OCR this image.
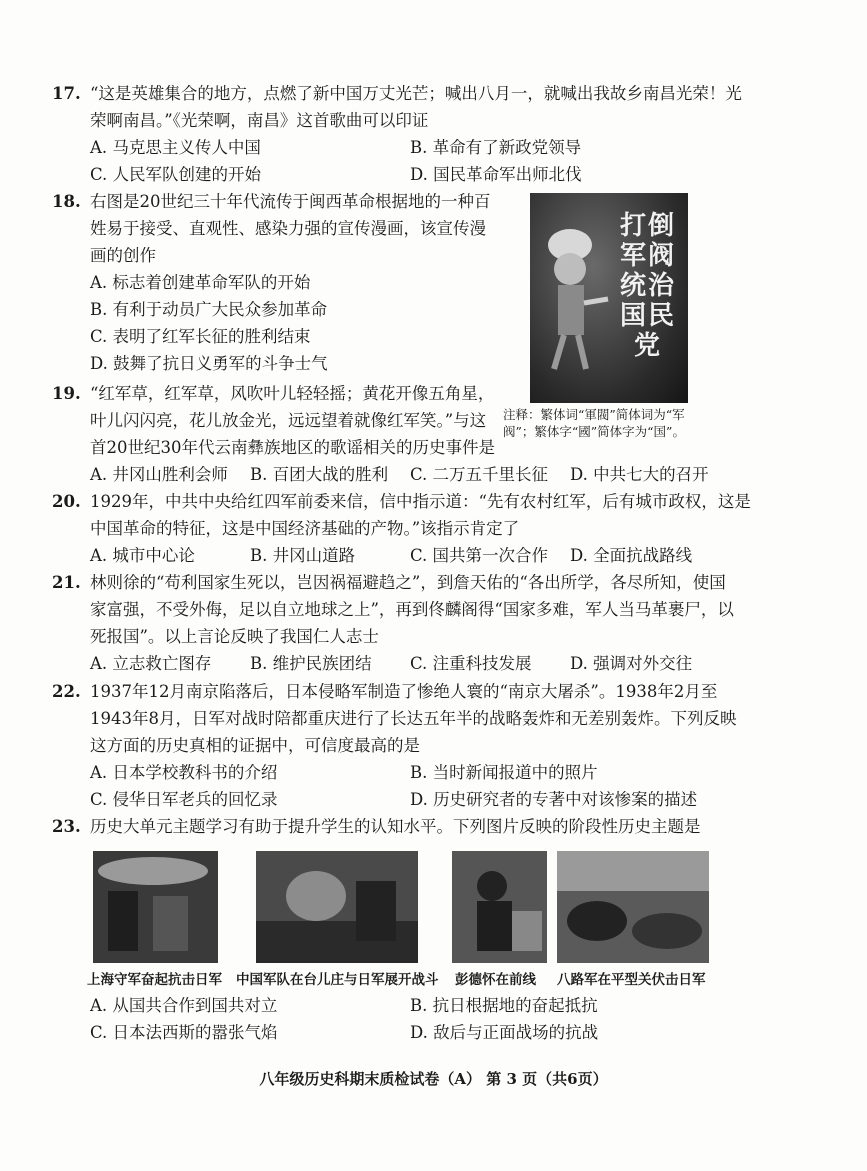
17. “这是英雄集合的地方，点燃了新中国万丈光芒；喊出八月一，就喊出我故乡南昌光荣！光
荣啊南昌。”《光荣啊，南昌》这首歌曲可以印证
A. 马克思主义传人中国	B. 革命有了新政党领导
C. 人民军队创建的开始	D. 国民革命军出师北伐
18. 右图是20世纪三十年代流传于闽西革命根据地的一种百
姓易于接受、直观性、感染力强的宣传漫画，该宣传漫
画的创作
A. 标志着创建革命军队的开始
B. 有利于动员广大民众参加革命
C. 表明了红军长征的胜利结束
D. 鼓舞了抗日义勇军的斗争士气
打倒军阀统治国民党
注释：繁体词“軍閥”简体词为“军
阀”；繁体字“國”简体字为“国”。
19. “红军草，红军草，风吹叶儿轻轻摇；黄花开像五角星，
叶儿闪闪亮，花儿放金光，远远望着就像红军笑。”与这
首20世纪30年代云南彝族地区的歌谣相关的历史事件是
A. 井冈山胜利会师 B. 百团大战的胜利 C. 二万五千里长征 D. 中共七大的召开
20. 1929年，中共中央给红四军前委来信，信中指示道：“先有农村红军，后有城市政权，这是
中国革命的特征，这是中国经济基础的产物。”该指示肯定了
A. 城市中心论	B. 井冈山道路	C. 国共第一次合作 D. 全面抗战路线
21. 林则徐的“苟利国家生死以，岂因祸福避趋之”，到詹天佑的“各出所学，各尽所知，使国
家富强，不受外侮，足以自立地球之上”，再到佟麟阁得“国家多难，军人当马革裹尸，以
死报国”。以上言论反映了我国仁人志士
A. 立志救亡图存 B. 维护民族团结 C. 注重科技发展 D. 强调对外交往
22. 1937年12月南京陷落后，日本侵略军制造了惨绝人寰的“南京大屠杀”。1938年2月至
1943年8月，日军对战时陪都重庆进行了长达五年半的战略轰炸和无差别轰炸。下列反映
这方面的历史真相的证据中，可信度最高的是
A. 日本学校教科书的介绍	B. 当时新闻报道中的照片
C. 侵华日军老兵的回忆录	D. 历史研究者的专著中对该惨案的描述
23. 历史大单元主题学习有助于提升学生的认知水平。下列图片反映的阶段性历史主题是
上海守军奋起抗击日军 中国军队在台儿庄与日军展开战斗 彭德怀在前线 八路军在平型关伏击日军
A. 从国共合作到国共对立	B. 抗日根据地的奋起抵抗
C. 日本法西斯的嚣张气焰	D. 敌后与正面战场的抗战
八年级历史科期末质检试卷（A） 第 3 页（共6页）
